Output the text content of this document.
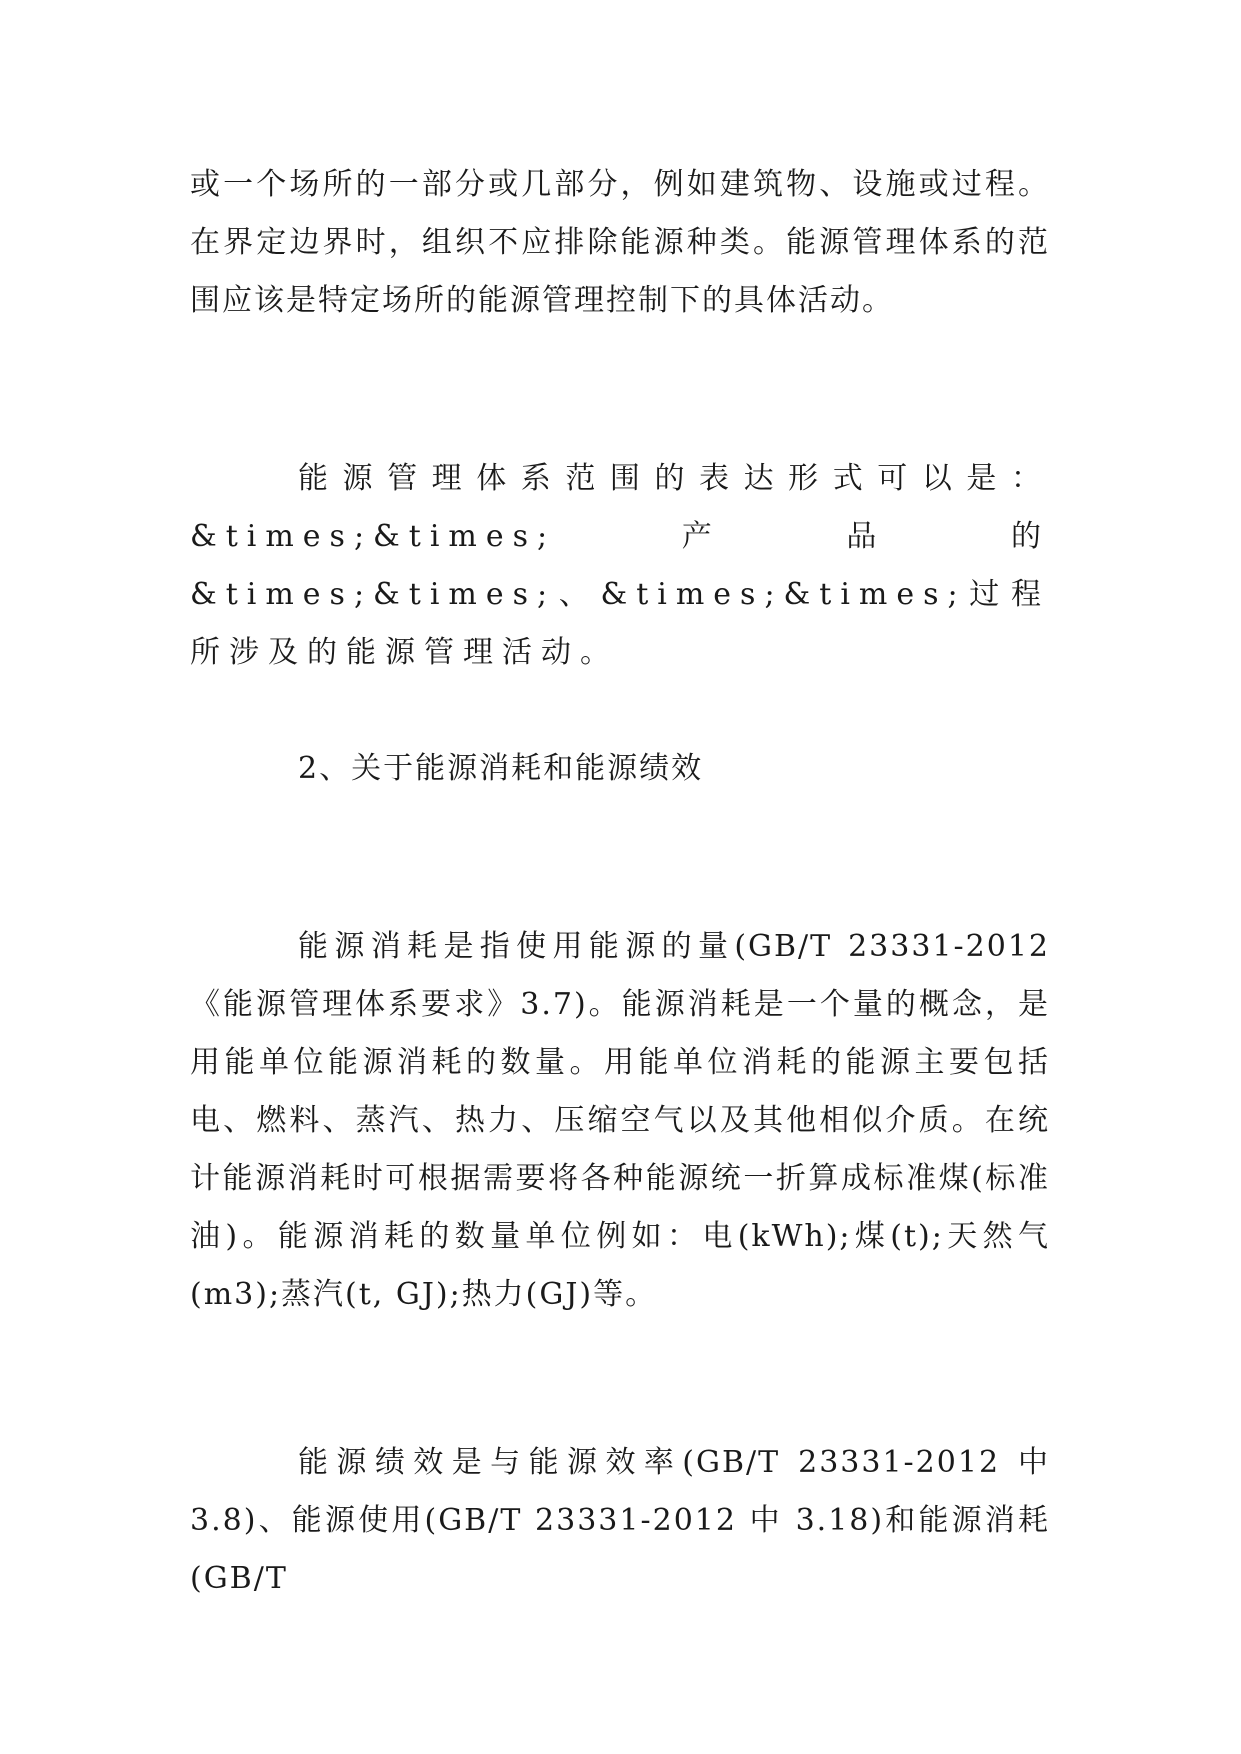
或一个场所的一部分或几部分，例如建筑物、设施或过程。在界定边界时，组织不应排除能源种类。能源管理体系的范围应该是特定场所的能源管理控制下的具体活动。

能源管理体系范围的表达形式可以是：&times;&times;产品的&times;&times;、&times;&times;过程所涉及的能源管理活动。

2、关于能源消耗和能源绩效

能源消耗是指使用能源的量(GB/T 23331-2012 《能源管理体系要求》3.7)。能源消耗是一个量的概念，是用能单位能源消耗的数量。用能单位消耗的能源主要包括电、燃料、蒸汽、热力、压缩空气以及其他相似介质。在统计能源消耗时可根据需要将各种能源统一折算成标准煤(标准油)。能源消耗的数量单位例如：电(kWh);煤(t);天然气(m3);蒸汽(t, GJ);热力(GJ)等。

能源绩效是与能源效率(GB/T 23331-2012 中 3.8)、能源使用(GB/T 23331-2012 中 3.18)和能源消耗(GB/T
